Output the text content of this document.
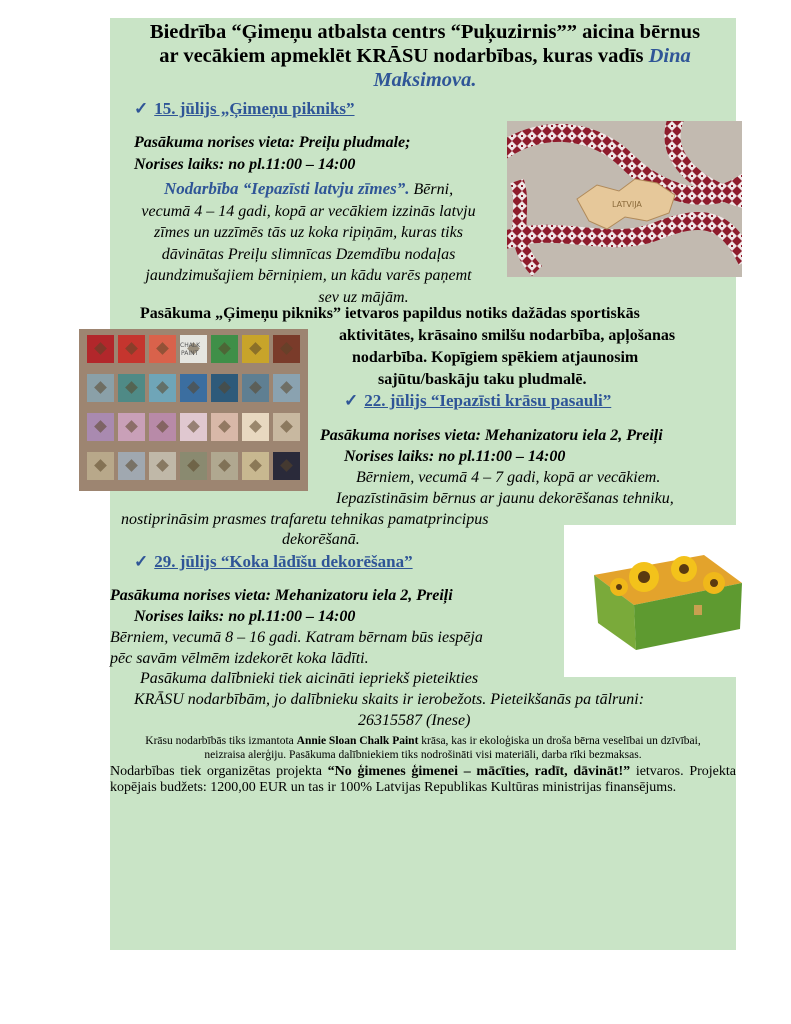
Biedrība “Ģimeņu atbalsta centrs “Puķuzirnis”” aicina bērnus
ar vecākiem apmeklēt KRĀSU nodarbības, kuras vadīs Dina
Maksimova.
✓ 15. jūlijs „Ģimeņu pikniks”
Pasākuma norises vieta: Preiļu pludmale;
Norises laiks: no pl.11:00 – 14:00
Nodarbība “Iepazīsti latvju zīmes”. Bērni,
vecumā 4 – 14 gadi, kopā ar vecākiem izzinās latvju
zīmes un uzzīmēs tās uz koka ripiņām, kuras tiks
dāvinātas Preiļu slimnīcas Dzemdību nodaļas
jaundzimušajiem bērniņiem, un kādu varēs paņemt
sev uz mājām.
Pasākuma „Ģimeņu pikniks” ietvaros papildus notiks dažādas sportiskās
aktivitātes, krāsaino smilšu nodarbība, apļošanas
nodarbība. Kopīgiem spēkiem atjaunosim
sajūtu/baskāju taku pludmalē.
✓ 22. jūlijs “Iepazīsti krāsu pasauli”
Pasākuma norises vieta: Mehanizatoru iela 2, Preiļi
Norises laiks: no pl.11:00 – 14:00
Bērniem, vecumā 4 – 7 gadi, kopā ar vecākiem.
Iepazīstināsim bērnus ar jaunu dekorēšanas tehniku,
nostiprināsim prasmes trafaretu tehnikas pamatprincipus
dekorēšanā.
✓ 29. jūlijs “Koka lādīšu dekorēšana”
Pasākuma norises vieta: Mehanizatoru iela 2, Preiļi
Norises laiks: no pl.11:00 – 14:00
Bērniem, vecumā 8 – 16 gadi. Katram bērnam būs iespēja
pēc savām vēlmēm izdekorēt koka lādīti.
Pasākuma dalībnieki tiek aicināti iepriekš pieteikties
KRĀSU nodarbībām, jo dalībnieku skaits ir ierobežots. Pieteikšanās pa tālruni:
26315587 (Inese)
Krāsu nodarbībās tiks izmantota Annie Sloan Chalk Paint krāsa, kas ir ekoloģiska un droša bērna veselībai un dzīvībai,
neizraisa alerģiju. Pasākuma dalībniekiem tiks nodrošināti visi materiāli, darba rīki bezmaksas.
Nodarbības tiek organizētas projekta “No ģimenes ģimenei – mācīties, radīt, dāvināt!” ietvaros. Projekta kopējais budžets: 1200,00 EUR un tas ir 100% Latvijas Republikas Kultūras ministrijas finansējums.
LATVIJA
CHALK
PAINT
